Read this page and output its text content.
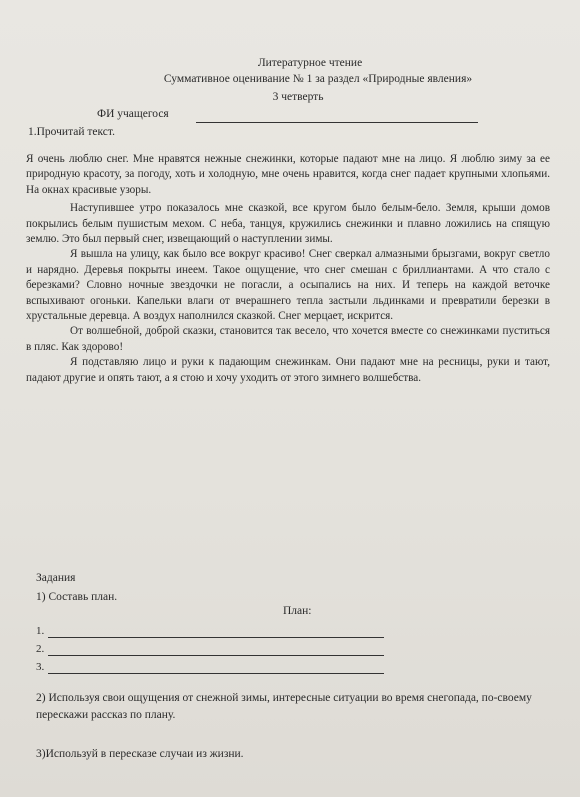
Литературное чтение
Суммативное оценивание № 1 за раздел «Природные явления»
3 четверть
ФИ учащегося
1.Прочитай текст.

Я очень люблю снег. Мне нравятся нежные снежинки, которые падают мне на лицо. Я люблю зиму за ее природную красоту, за погоду, хоть и холодную, мне очень нравится, когда снег падает крупными хлопьями. На окнах красивые узоры.

Наступившее утро показалось мне сказкой, все кругом было белым-бело. Земля, крыши домов покрылись белым пушистым мехом. С неба, танцуя, кружились снежинки и плавно ложились на спящую землю. Это был первый снег, извещающий о наступлении зимы.

Я вышла на улицу, как было все вокруг красиво! Снег сверкал алмазными брызгами, вокруг светло и нарядно. Деревья покрыты инеем. Такое ощущение, что снег смешан с бриллиантами. А что стало с березками? Словно ночные звездочки не погасли, а осыпались на них. И теперь на каждой веточке вспыхивают огоньки. Капельки влаги от вчерашнего тепла застыли льдинками и превратили березки в хрустальные деревца. А воздух наполнился сказкой. Снег мерцает, искрится.

От волшебной, доброй сказки, становится так весело, что хочется вместе со снежинками пуститься в пляс. Как здорово!

Я подставляю лицо и руки к падающим снежинкам. Они падают мне на ресницы, руки и тают, падают другие и опять тают, а я стою и хочу уходить от этого зимнего волшебства.

Задания
1) Составь план.
План:
1.
2.
3.
2) Используя свои ощущения от снежной зимы, интересные ситуации во время снегопада, по-своему перескажи рассказ по плану.
3)Используй в пересказе случаи из жизни.
